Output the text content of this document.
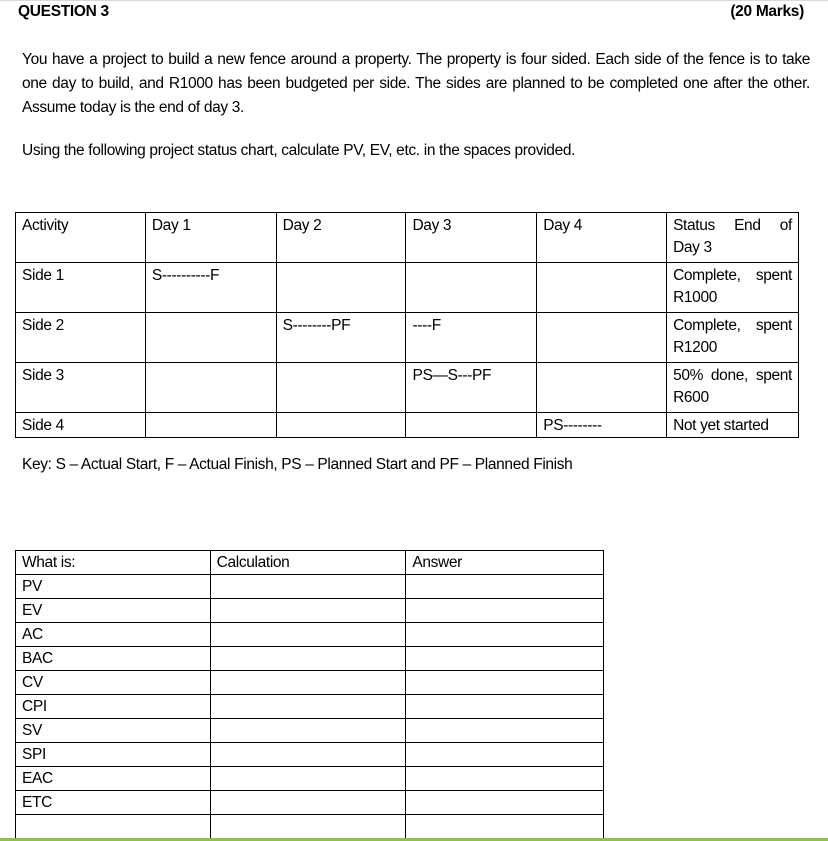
QUESTION 3	(20 Marks)
You have a project to build a new fence around a property. The property is four sided. Each side of the fence is to take one day to build, and R1000 has been budgeted per side. The sides are planned to be completed one after the other. Assume today is the end of day 3.
Using the following project status chart, calculate PV, EV, etc. in the spaces provided.
Activity	Day 1	Day 2	Day 3	Day 4	Status End of
Day 3

Side 1	S----------F				Complete, spent
R1000

Side 2		S--------PF	----F		Complete, spent
R1200

Side 3			PS—S---PF		50% done, spent
R600

Side 4				PS--------	Not yet started
Key: S – Actual Start, F – Actual Finish, PS – Planned Start and PF – Planned Finish
What is:	Calculation	Answer
PV		
EV		
AC		
BAC		
CV		
CPI		
SV		
SPI		
EAC		
ETC		
